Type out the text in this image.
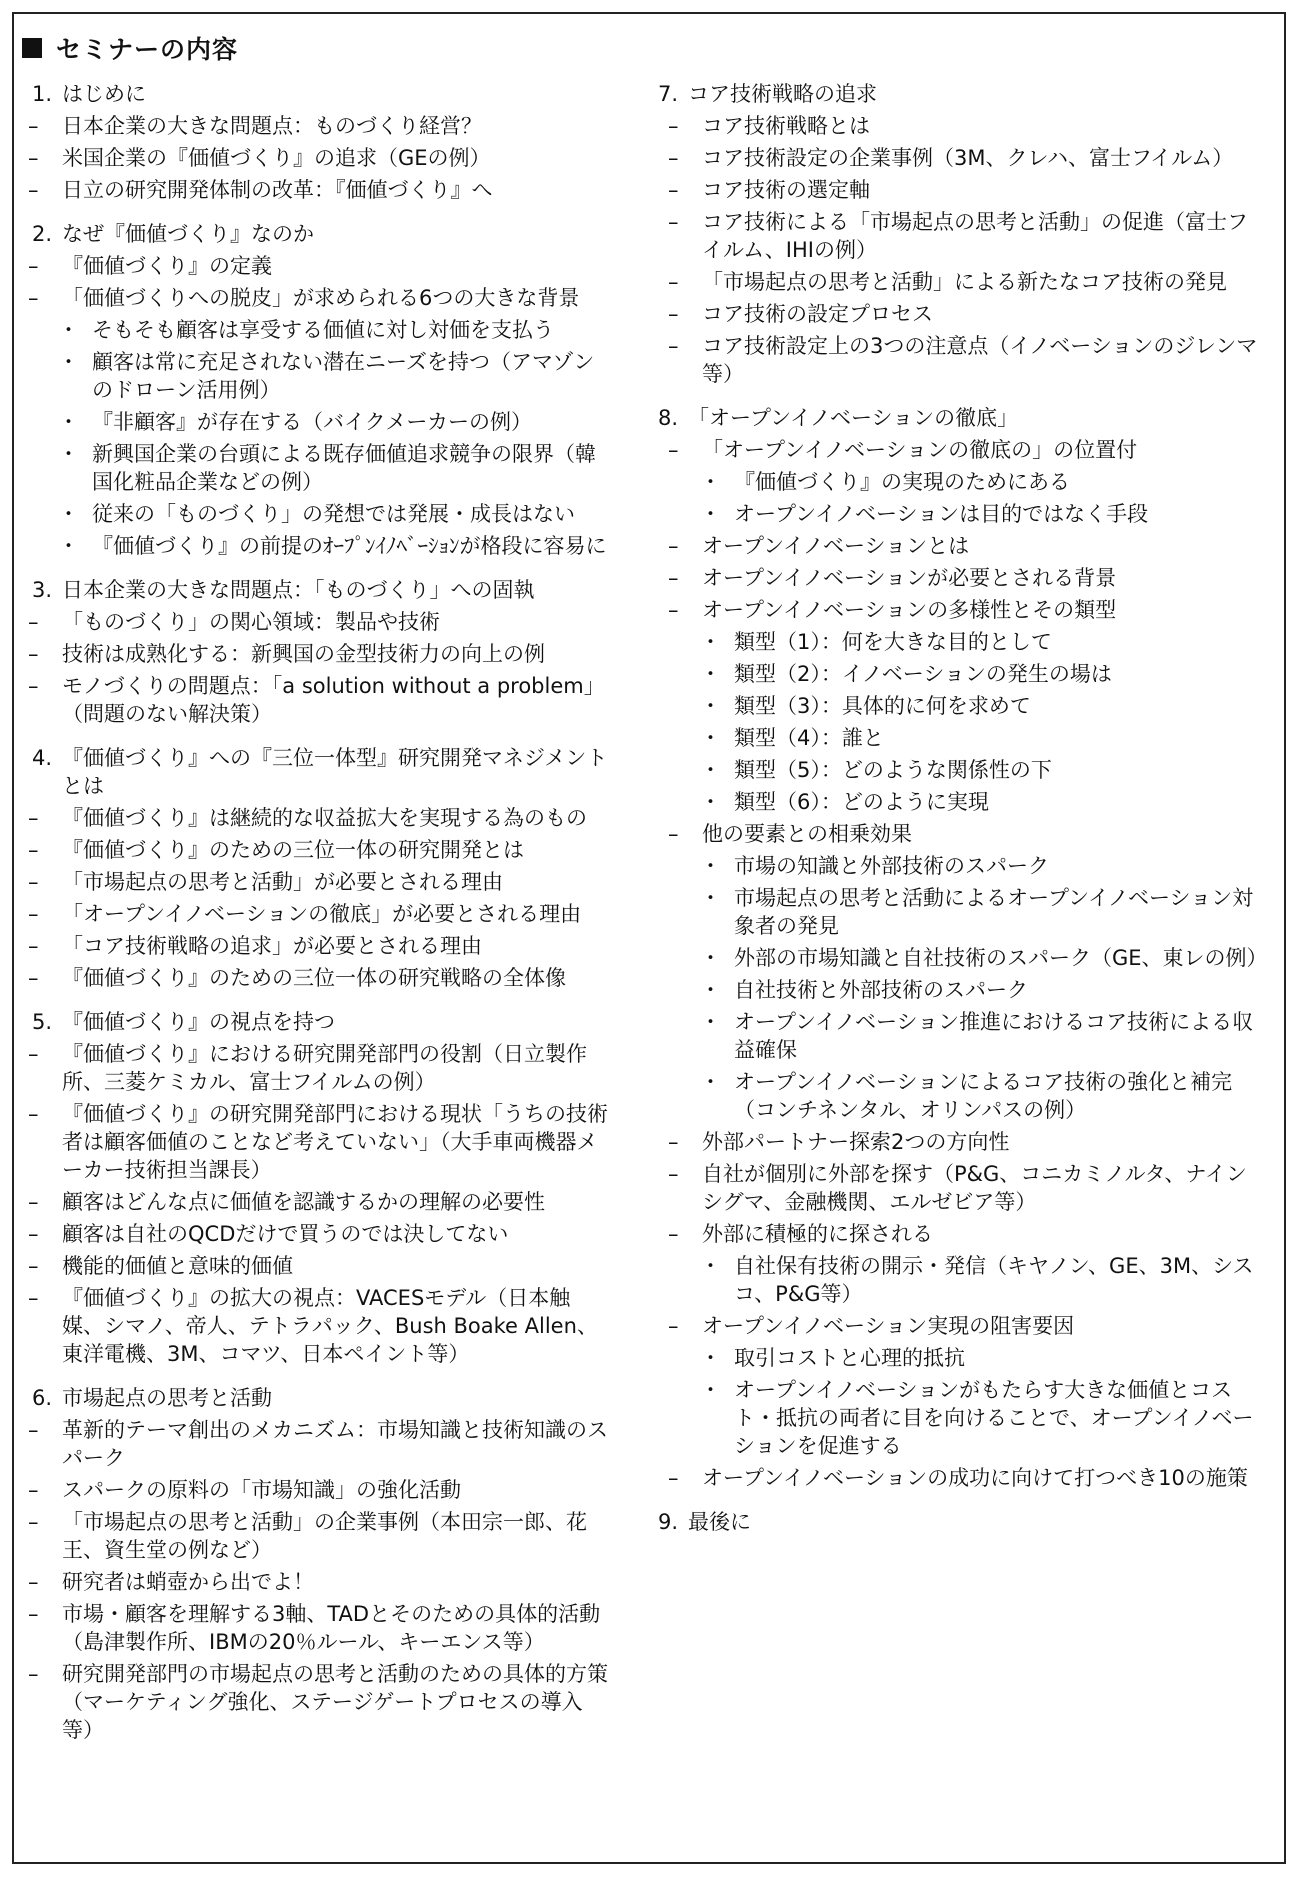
セミナーの内容
1. はじめに
–	日本企業の大きな問題点：ものづくり経営？
–	米国企業の『価値づくり』の追求（GEの例）
–	日立の研究開発体制の改革：『価値づくり』へ
2. なぜ『価値づくり』なのか
–	『価値づくり』の定義
–	「価値づくりへの脱皮」が求められる6つの大きな背景
・ そもそも顧客は享受する価値に対し対価を支払う
・ 顧客は常に充足されない潜在ニーズを持つ（アマゾンのドローン活用例）
・ 『非顧客』が存在する（バイクメーカーの例）
・ 新興国企業の台頭による既存価値追求競争の限界（韓国化粧品企業などの例）
・ 従来の「ものづくり」の発想では発展・成長はない
・ 『価値づくり』の前提のｵｰﾌﾟﾝｲﾉﾍﾞｰｼｮﾝが格段に容易に
3. 日本企業の大きな問題点：「ものづくり」への固執
–	「ものづくり」の関心領域：製品や技術
–	技術は成熟化する：新興国の金型技術力の向上の例
–	モノづくりの問題点：「a solution without a problem」（問題のない解決策）
4. 『価値づくり』への『三位一体型』研究開発マネジメントとは
–	『価値づくり』は継続的な収益拡大を実現する為のもの
–	『価値づくり』のための三位一体の研究開発とは
–	「市場起点の思考と活動」が必要とされる理由
–	「オープンイノベーションの徹底」が必要とされる理由
–	「コア技術戦略の追求」が必要とされる理由
–	『価値づくり』のための三位一体の研究戦略の全体像
5. 『価値づくり』の視点を持つ
–	『価値づくり』における研究開発部門の役割（日立製作所、三菱ケミカル、富士フイルムの例）
–	『価値づくり』の研究開発部門における現状「うちの技術者は顧客価値のことなど考えていない」（大手車両機器メーカー技術担当課長）
–	顧客はどんな点に価値を認識するかの理解の必要性
–	顧客は自社のQCDだけで買うのでは決してない
–	機能的価値と意味的価値
–	『価値づくり』の拡大の視点：VACESモデル（日本触媒、シマノ、帝人、テトラパック、Bush Boake Allen、東洋電機、3M、コマツ、日本ペイント等）
6. 市場起点の思考と活動
–	革新的テーマ創出のメカニズム：市場知識と技術知識のスパーク
–	スパークの原料の「市場知識」の強化活動
–	「市場起点の思考と活動」の企業事例（本田宗一郎、花王、資生堂の例など）
–	研究者は蛸壺から出でよ！
–	市場・顧客を理解する3軸、TADとそのための具体的活動（島津製作所、IBMの20％ルール、キーエンス等）
–	研究開発部門の市場起点の思考と活動のための具体的方策（マーケティング強化、ステージゲートプロセスの導入等）
7. コア技術戦略の追求
–	コア技術戦略とは
–	コア技術設定の企業事例（3M、クレハ、富士フイルム）
–	コア技術の選定軸
–	コア技術による「市場起点の思考と活動」の促進（富士フイルム、IHIの例）
–	「市場起点の思考と活動」による新たなコア技術の発見
–	コア技術の設定プロセス
–	コア技術設定上の3つの注意点（イノベーションのジレンマ等）
8. 「オープンイノベーションの徹底」
–	「オープンイノベーションの徹底の」の位置付
・ 『価値づくり』の実現のためにある
・ オープンイノベーションは目的ではなく手段
–	オープンイノベーションとは
–	オープンイノベーションが必要とされる背景
–	オープンイノベーションの多様性とその類型
・ 類型（1）：何を大きな目的として
・ 類型（2）：イノベーションの発生の場は
・ 類型（3）：具体的に何を求めて
・ 類型（4）：誰と
・ 類型（5）：どのような関係性の下
・ 類型（6）：どのように実現
–	他の要素との相乗効果
・ 市場の知識と外部技術のスパーク
・ 市場起点の思考と活動によるオープンイノベーション対象者の発見
・ 外部の市場知識と自社技術のスパーク（GE、東レの例）
・ 自社技術と外部技術のスパーク
・ オープンイノベーション推進におけるコア技術による収益確保
・ オープンイノベーションによるコア技術の強化と補完（コンチネンタル、オリンパスの例）
–	外部パートナー探索2つの方向性
–	自社が個別に外部を探す（P&G、コニカミノルタ、ナインシグマ、金融機関、エルゼビア等）
–	外部に積極的に探される
・ 自社保有技術の開示・発信（キヤノン、GE、3M、シスコ、P&G等）
–	オープンイノベーション実現の阻害要因
・ 取引コストと心理的抵抗
・ オープンイノベーションがもたらす大きな価値とコスト・抵抗の両者に目を向けることで、オープンイノベーションを促進する
–	オープンイノベーションの成功に向けて打つべき10の施策
9. 最後に
